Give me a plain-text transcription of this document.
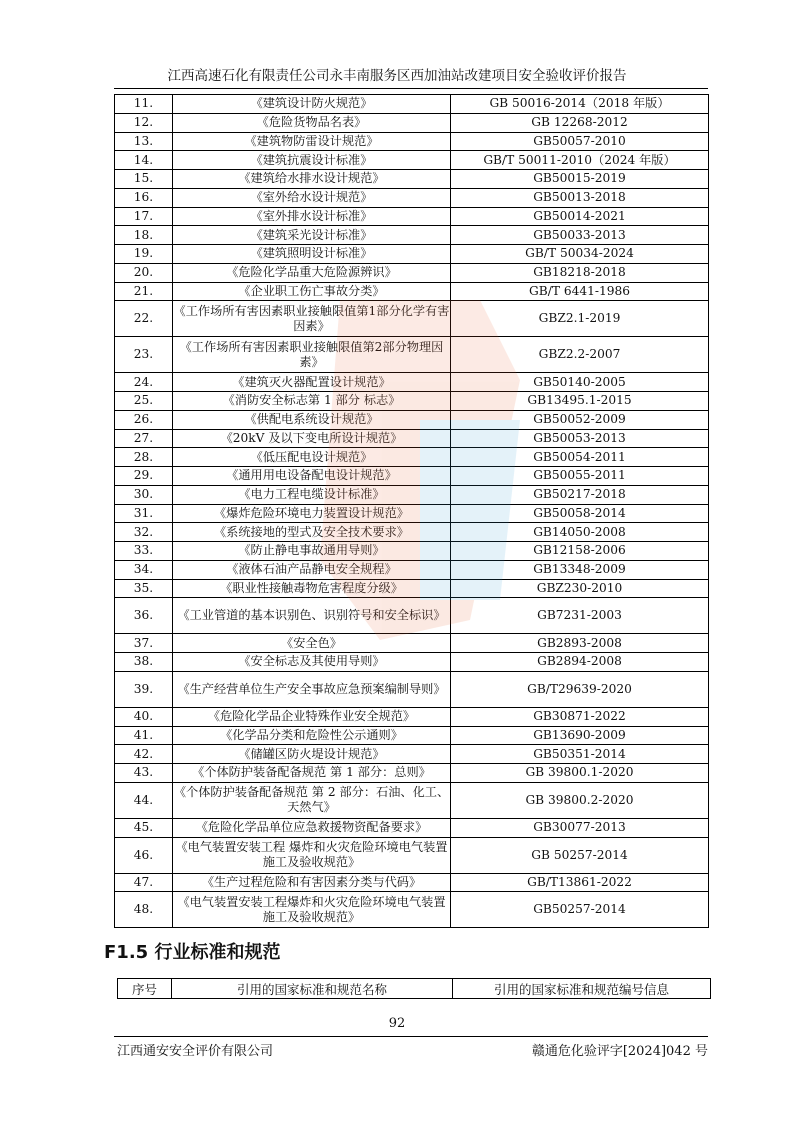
江西高速石化有限责任公司永丰南服务区西加油站改建项目安全验收评价报告
11.	《建筑设计防火规范》	GB 50016-2014（2018 年版）
12.	《危险货物品名表》	GB 12268-2012
13.	《建筑物防雷设计规范》	GB50057-2010
14.	《建筑抗震设计标准》	GB/T 50011-2010（2024 年版）
15.	《建筑给水排水设计规范》	GB50015-2019
16.	《室外给水设计规范》	GB50013-2018
17.	《室外排水设计标准》	GB50014-2021
18.	《建筑采光设计标准》	GB50033-2013
19.	《建筑照明设计标准》	GB/T 50034-2024
20.	《危险化学品重大危险源辨识》	GB18218-2018
21.	《企业职工伤亡事故分类》	GB/T 6441-1986
22.	《工作场所有害因素职业接触限值第1部分化学有害因素》	GBZ2.1-2019
23.	《工作场所有害因素职业接触限值第2部分物理因素》	GBZ2.2-2007
24.	《建筑灭火器配置设计规范》	GB50140-2005
25.	《消防安全标志第 1 部分 标志》	GB13495.1-2015
26.	《供配电系统设计规范》	GB50052-2009
27.	《20kV 及以下变电所设计规范》	GB50053-2013
28.	《低压配电设计规范》	GB50054-2011
29.	《通用用电设备配电设计规范》	GB50055-2011
30.	《电力工程电缆设计标准》	GB50217-2018
31.	《爆炸危险环境电力装置设计规范》	GB50058-2014
32.	《系统接地的型式及安全技术要求》	GB14050-2008
33.	《防止静电事故通用导则》	GB12158-2006
34.	《液体石油产品静电安全规程》	GB13348-2009
35.	《职业性接触毒物危害程度分级》	GBZ230-2010
36.	《工业管道的基本识别色、识别符号和安全标识》	GB7231-2003
37.	《安全色》	GB2893-2008
38.	《安全标志及其使用导则》	GB2894-2008
39.	《生产经营单位生产安全事故应急预案编制导则》	GB/T29639-2020
40.	《危险化学品企业特殊作业安全规范》	GB30871-2022
41.	《化学品分类和危险性公示通则》	GB13690-2009
42.	《储罐区防火堤设计规范》	GB50351-2014
43.	《个体防护装备配备规范 第 1 部分：总则》	GB 39800.1-2020
44.	《个体防护装备配备规范 第 2 部分：石油、化工、天然气》	GB 39800.2-2020
45.	《危险化学品单位应急救援物资配备要求》	GB30077-2013
46.	《电气装置安装工程 爆炸和火灾危险环境电气装置施工及验收规范》	GB 50257-2014
47.	《生产过程危险和有害因素分类与代码》	GB/T13861-2022
48.	《电气装置安装工程爆炸和火灾危险环境电气装置施工及验收规范》	GB50257-2014
F1.5 行业标准和规范
序号	引用的国家标准和规范名称	引用的国家标准和规范编号信息
92
江西通安安全评价有限公司	赣通危化验评字[2024]042 号
